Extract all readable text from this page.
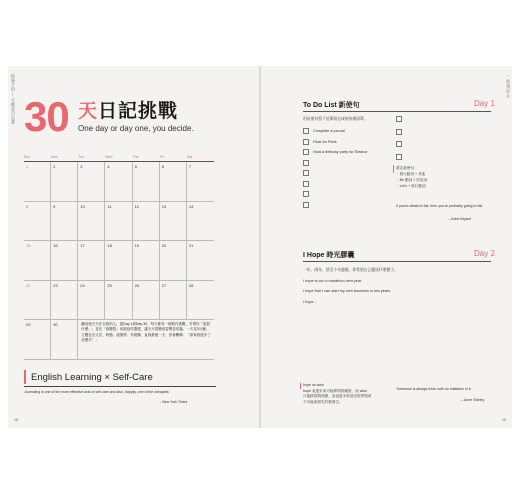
給新手的 — 手帳本日記書 30 天日記挑戰
One day or day one, you decide.
Sun.	Mon.	Tue.	Wed.	Thu.	Fri.	Sat.
1	2	3	4	5	6	7
8	9	10	11	12	13	14
15	16	17	18	19	20	21
22	23	24	25	26	27	28
29	30	翻這裡天天在自我的人，從Day 1到Day 30，每天都有一個寫作挑戰，引導你「說寫什麼」。並於「改變寫」前進給你靈感，讓天天寫變成習慣並培養。一天花3分鐘，主題包含文法、時態、道德學、外貌關、直到最後一天，你會驚嘆：「原來我進步了這麼多！」
English Learning × Self-Care
Journaling is one of the more effective acts of self-care and also, happily, one of the cheapest.
- New York Times
28
一 寫週記 手
To Do List 新使句	Day 1
用祈使句寫下近期再完成的待辦清單。
Complete a journal
Pack for Paris
Hold a birthday party for Eleanor
書定新使句：
・原行動詞 + 其他
・Be 動詞 + 形容詞
・Let's + 原行動詞
If you're afraid to fail, then you're probably going to fail.
– Kobe Bryant
I Hope 時光膠囊	Day 2
一年、兩年、甚至十年過後，你希望自己變成什麼樣子。
I hope to run a marathon next year.
I hope that I can start my own business in two years.
I hope...
hope vs wish
hope 表達未來可能實現的願望，而 wish
只能描寫假設願，表表達未來是沒的實現或
不可能會發生的事情生。
Tomorrow is always fresh with no mistakes in it.
– Anne Shirley
29
